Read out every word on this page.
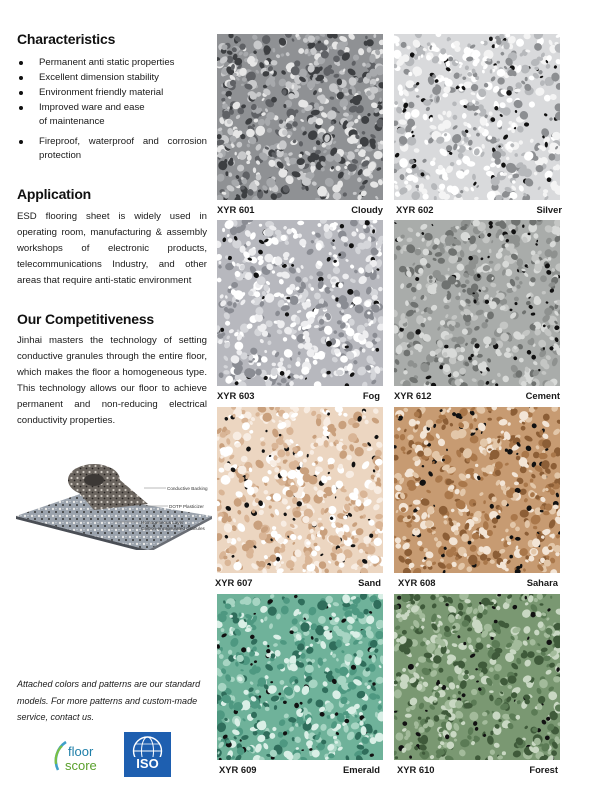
Characteristics
Permanent anti static properties
Excellent dimension stability
Environment friendly material
Improved ware and ease of maintenance
Fireproof, waterproof and corrosion protection
Application

ESD flooring sheet is widely used in operating room, manufacturing & assembly workshops of electronic products, telecommunications Industry, and other areas that require anti-static environment

Our Competitiveness

Jinhai masters the technology of setting conductive granules through the entire floor, which makes the floor a homogeneous type. This technology allows our floor to achieve permanent and non-reducing electrical conductivity properties.

Conductive Backing
DOTP Plasticizer
Homogeneous Layer
Carbon-encapsulated Granules

Attached colors and patterns are our standard models. For more patterns and custom-made service, contact us.

floor
score	ISO
XYR 601	Cloudy XYR 602	Silver
XYR 603	Fog XYR 612	Cement
XYR 607	Sand XYR 608	Sahara
XYR 609	Emerald XYR 610	Forest
